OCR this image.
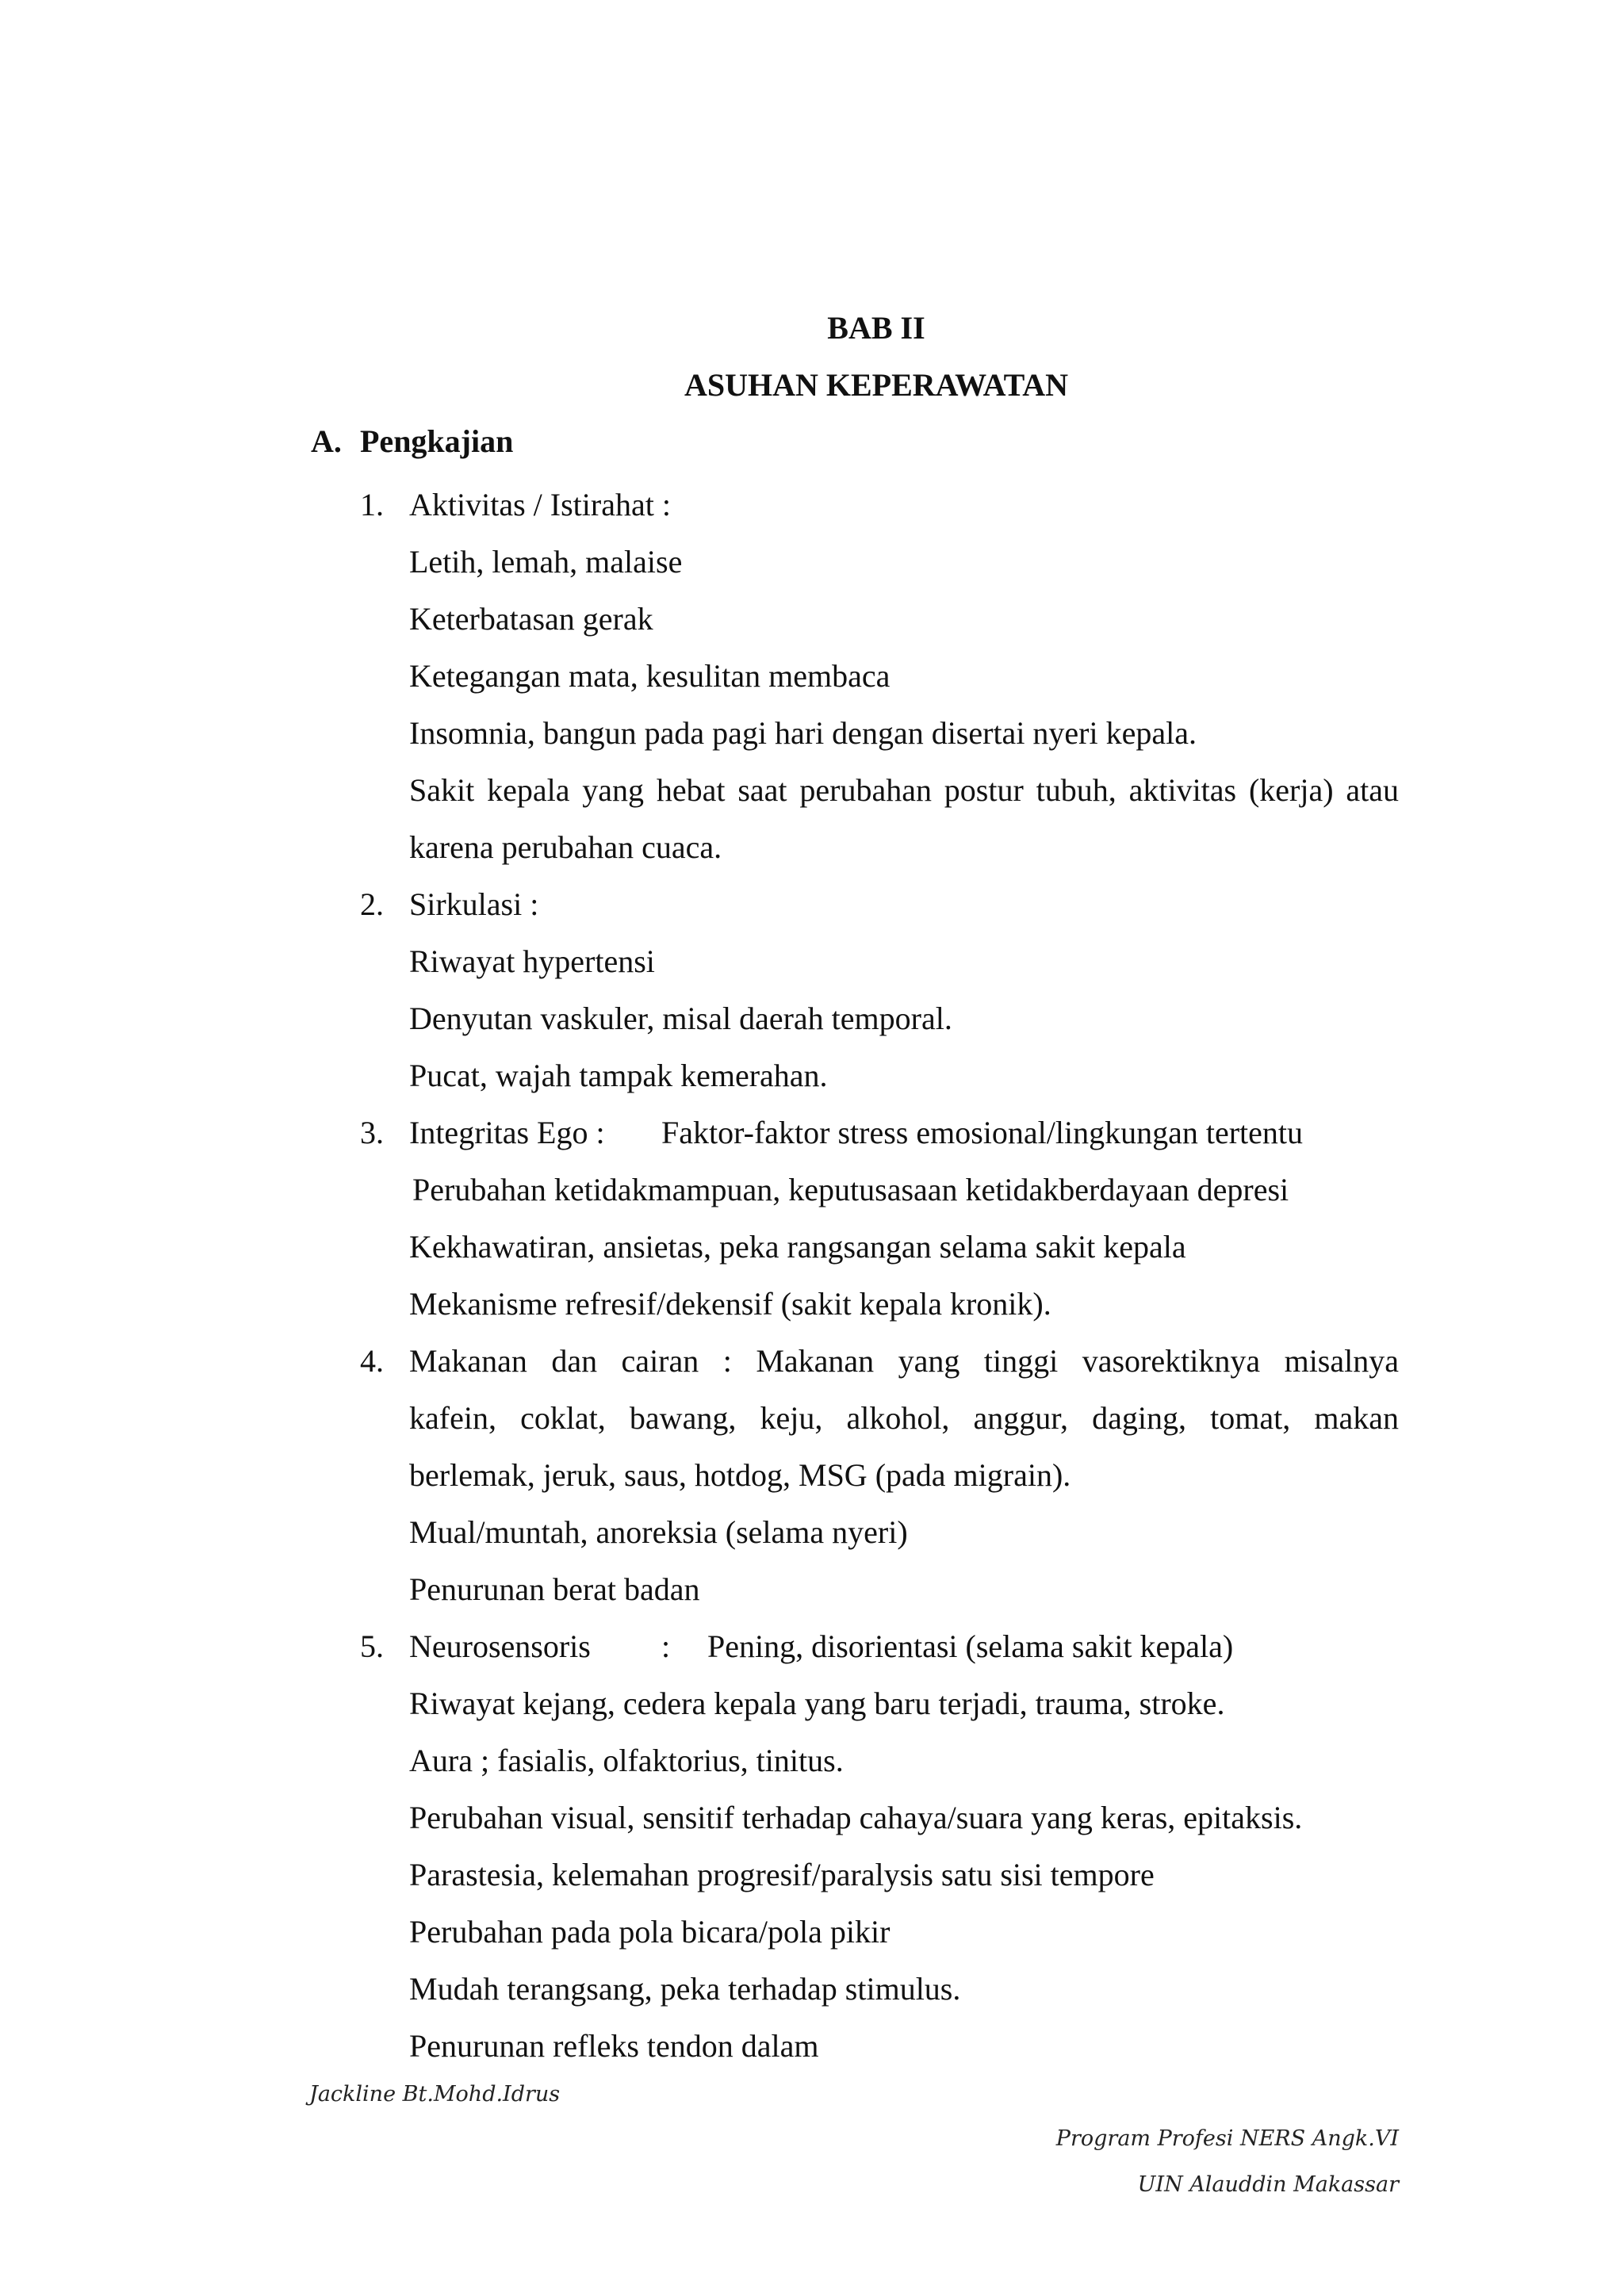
BAB II
ASUHAN KEPERAWATAN
A. Pengkajian
1. Aktivitas / Istirahat :
Letih, lemah, malaise
Keterbatasan gerak
Ketegangan mata, kesulitan membaca
Insomnia, bangun pada pagi hari dengan disertai nyeri kepala.
Sakit kepala yang hebat saat perubahan postur tubuh, aktivitas (kerja) atau
karena perubahan cuaca.
2. Sirkulasi :
Riwayat hypertensi
Denyutan vaskuler, misal daerah temporal.
Pucat, wajah tampak kemerahan.
3. Integritas Ego : Faktor-faktor stress emosional/lingkungan tertentu
Perubahan ketidakmampuan, keputusasaan ketidakberdayaan depresi
Kekhawatiran, ansietas, peka rangsangan selama sakit kepala
Mekanisme refresif/dekensif (sakit kepala kronik).
4. Makanan dan cairan : Makanan yang tinggi vasorektiknya misalnya
kafein, coklat, bawang, keju, alkohol, anggur, daging, tomat, makan
berlemak, jeruk, saus, hotdog, MSG (pada migrain).
Mual/muntah, anoreksia (selama nyeri)
Penurunan berat badan
5. Neurosensoris : Pening, disorientasi (selama sakit kepala)
Riwayat kejang, cedera kepala yang baru terjadi, trauma, stroke.
Aura ; fasialis, olfaktorius, tinitus.
Perubahan visual, sensitif terhadap cahaya/suara yang keras, epitaksis.
Parastesia, kelemahan progresif/paralysis satu sisi tempore
Perubahan pada pola bicara/pola pikir
Mudah terangsang, peka terhadap stimulus.
Penurunan refleks tendon dalam
Jackline Bt.Mohd.Idrus
Program Profesi NERS Angk.VI
UIN Alauddin Makassar
